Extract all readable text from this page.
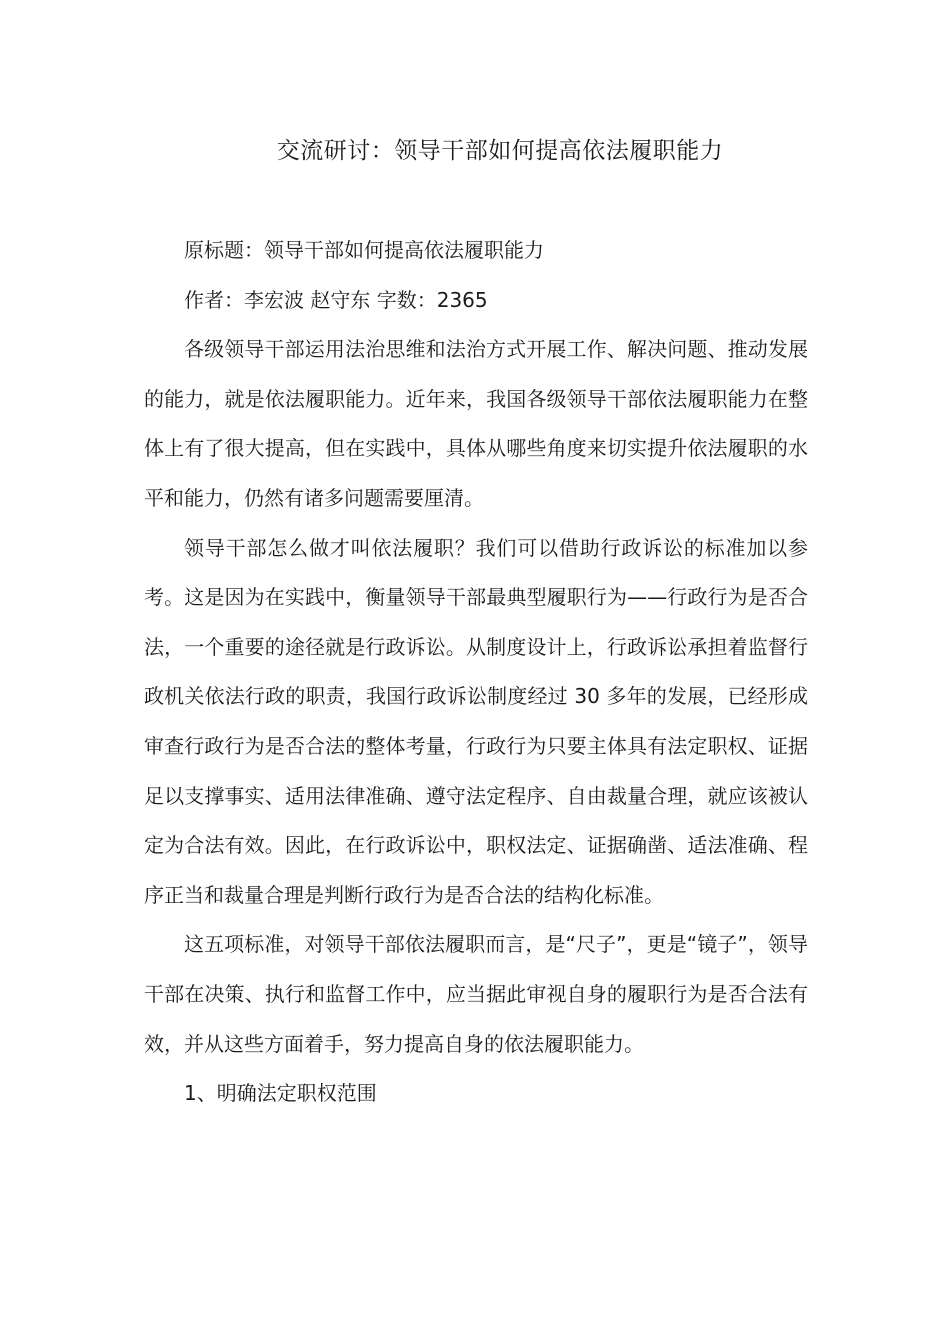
交流研讨：领导干部如何提高依法履职能力

原标题：领导干部如何提高依法履职能力

作者：李宏波 赵守东 字数：2365

各级领导干部运用法治思维和法治方式开展工作、解决问题、推动发展的能力，就是依法履职能力。近年来，我国各级领导干部依法履职能力在整体上有了很大提高，但在实践中，具体从哪些角度来切实提升依法履职的水平和能力，仍然有诸多问题需要厘清。

领导干部怎么做才叫依法履职？我们可以借助行政诉讼的标准加以参考。这是因为在实践中，衡量领导干部最典型履职行为——行政行为是否合法，一个重要的途径就是行政诉讼。从制度设计上，行政诉讼承担着监督行政机关依法行政的职责，我国行政诉讼制度经过 30 多年的发展，已经形成审查行政行为是否合法的整体考量，行政行为只要主体具有法定职权、证据足以支撑事实、适用法律准确、遵守法定程序、自由裁量合理，就应该被认定为合法有效。因此，在行政诉讼中，职权法定、证据确凿、适法准确、程序正当和裁量合理是判断行政行为是否合法的结构化标准。

这五项标准，对领导干部依法履职而言，是“尺子”，更是“镜子”，领导干部在决策、执行和监督工作中，应当据此审视自身的履职行为是否合法有效，并从这些方面着手，努力提高自身的依法履职能力。

1、明确法定职权范围
